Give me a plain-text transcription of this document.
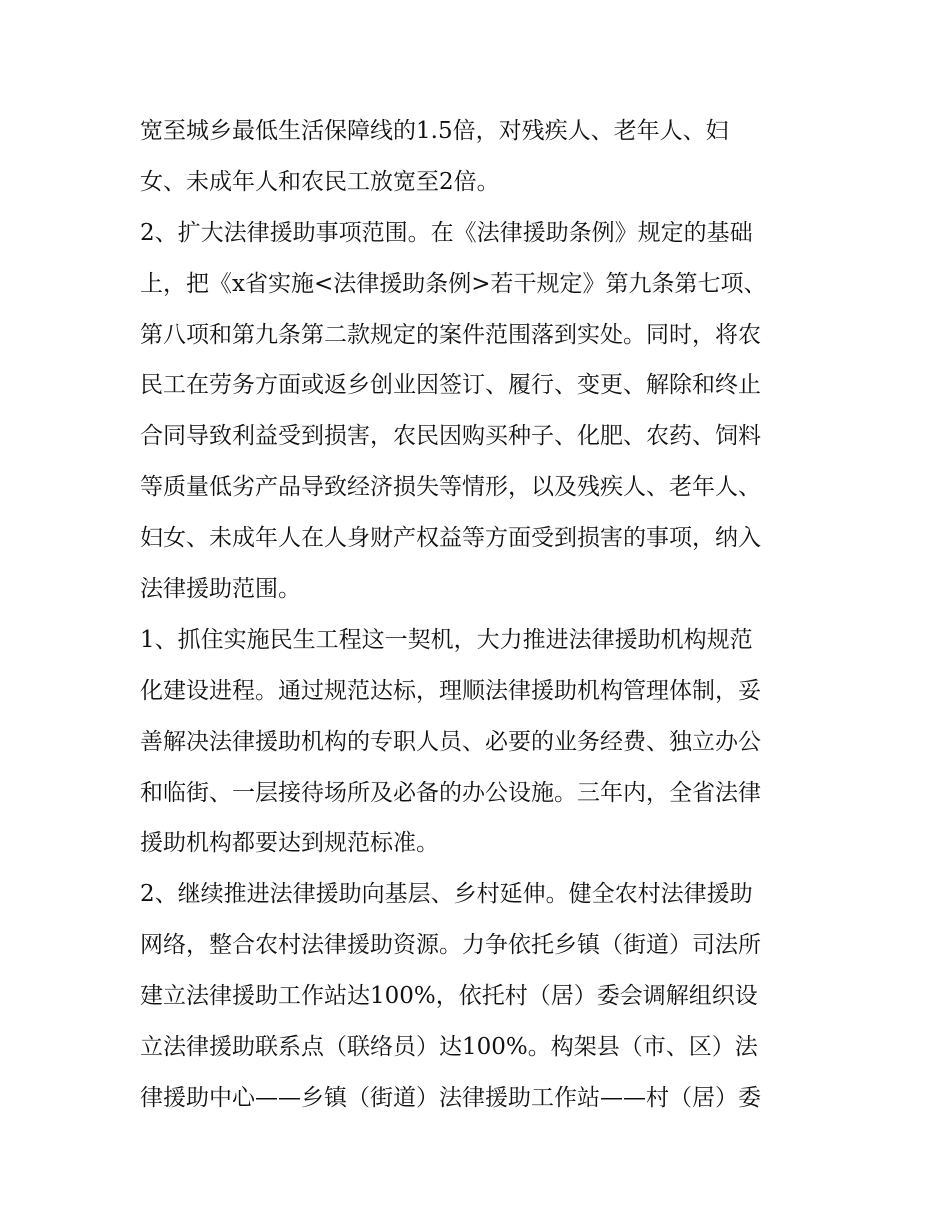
宽至城乡最低生活保障线的1.5倍，对残疾人、老年人、妇
女、未成年人和农民工放宽至2倍。
2、扩大法律援助事项范围。在《法律援助条例》规定的基础
上，把《x省实施<法律援助条例>若干规定》第九条第七项、
第八项和第九条第二款规定的案件范围落到实处。同时，将农
民工在劳务方面或返乡创业因签订、履行、变更、解除和终止
合同导致利益受到损害，农民因购买种子、化肥、农药、饲料
等质量低劣产品导致经济损失等情形，以及残疾人、老年人、
妇女、未成年人在人身财产权益等方面受到损害的事项，纳入
法律援助范围。
1、抓住实施民生工程这一契机，大力推进法律援助机构规范
化建设进程。通过规范达标，理顺法律援助机构管理体制，妥
善解决法律援助机构的专职人员、必要的业务经费、独立办公
和临街、一层接待场所及必备的办公设施。三年内，全省法律
援助机构都要达到规范标准。
2、继续推进法律援助向基层、乡村延伸。健全农村法律援助
网络，整合农村法律援助资源。力争依托乡镇（街道）司法所
建立法律援助工作站达100%，依托村（居）委会调解组织设
立法律援助联系点（联络员）达100%。构架县（市、区）法
律援助中心——乡镇（街道）法律援助工作站——村（居）委
